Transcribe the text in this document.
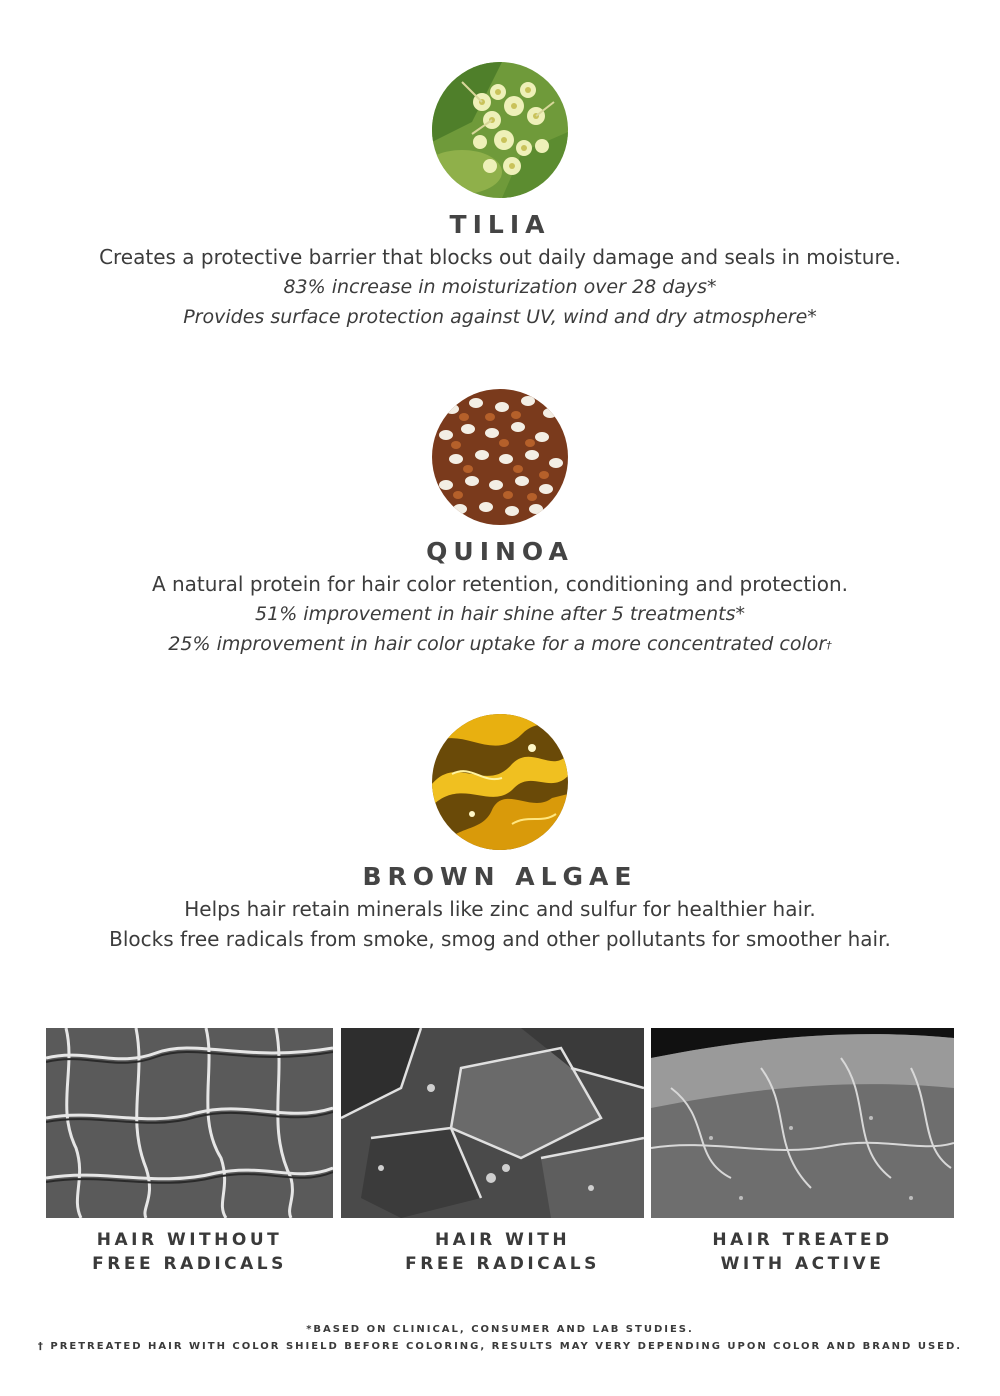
TILIA
Creates a protective barrier that blocks out daily damage and seals in moisture.
83% increase in moisturization over 28 days*
Provides surface protection against UV, wind and dry atmosphere*
QUINOA
A natural protein for hair color retention, conditioning and protection.
51% improvement in hair shine after 5 treatments*
25% improvement in hair color uptake for a more concentrated color†
BROWN ALGAE
Helps hair retain minerals like zinc and sulfur for healthier hair.
Blocks free radicals from smoke, smog and other pollutants for smoother hair.
HAIR WITHOUT
FREE RADICALS
HAIR WITH
FREE RADICALS
HAIR TREATED
WITH ACTIVE
*BASED ON CLINICAL, CONSUMER AND LAB STUDIES.
† PRETREATED HAIR WITH COLOR SHIELD BEFORE COLORING, RESULTS MAY VERY DEPENDING UPON COLOR AND BRAND USED.
